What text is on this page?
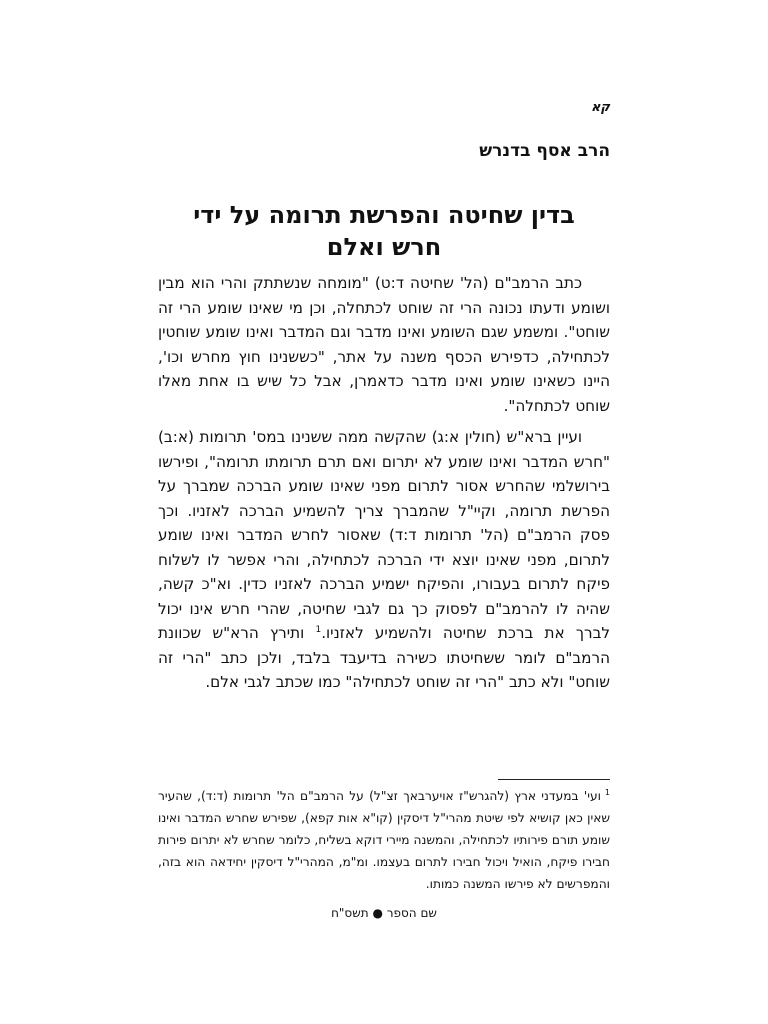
קא
הרב אסף בדנרש
בדין שחיטה והפרשת תרומה על ידי חרש ואלם

כתב הרמב"ם (הל' שחיטה ד:ט) "מומחה שנשתתק והרי הוא מבין ושומע ודעתו נכונה הרי זה שוחט לכתחלה, וכן מי שאינו שומע הרי זה שוחט". ומשמע שגם השומע ואינו מדבר וגם המדבר ואינו שומע שוחטין לכתחילה, כדפירש הכסף משנה על אתר, "כששנינו חוץ מחרש וכו', היינו כשאינו שומע ואינו מדבר כדאמרן, אבל כל שיש בו אחת מאלו שוחט לכתחלה".

ועיין ברא"ש (חולין א:ג) שהקשה ממה ששנינו במס' תרומות (א:ב) "חרש המדבר ואינו שומע לא יתרום ואם תרם תרומתו תרומה", ופירשו בירושלמי שהחרש אסור לתרום מפני שאינו שומע הברכה שמברך על הפרשת תרומה, וקיי"ל שהמברך צריך להשמיע הברכה לאזניו. וכך פסק הרמב"ם (הל' תרומות ד:ד) שאסור לחרש המדבר ואינו שומע לתרום, מפני שאינו יוצא ידי הברכה לכתחילה, והרי אפשר לו לשלוח פיקח לתרום בעבורו, והפיקח ישמיע הברכה לאזניו כדין. וא"כ קשה, שהיה לו להרמב"ם לפסוק כך גם לגבי שחיטה, שהרי חרש אינו יכול לברך את ברכת שחיטה ולהשמיע לאזניו.$^1$ ותירץ הרא"ש שכוונת הרמב"ם לומר ששחיטתו כשירה בדיעבד בלבד, ולכן כתב "הרי זה שוחט" ולא כתב "הרי זה שוחט לכתחילה" כמו שכתב לגבי אלם.

$^1$ועי' במעדני ארץ (להגרש"ז אויערבאך זצ"ל) על הרמב"ם הל' תרומות (ד:ד), שהעיר שאין כאן קושיא לפי שיטת מהרי"ל דיסקין (קו"א אות קפא), שפירש שחרש המדבר ואינו שומע תורם פירותיו לכתחילה, והמשנה מיירי דוקא בשליח, כלומר שחרש לא יתרום פירות חבירו פיקח, הואיל ויכול חבירו לתרום בעצמו. ומ"מ, המהרי"ל דיסקין יחידאה הוא בזה, והמפרשים לא פירשו המשנה כמותו.
שם הספר ● תשס"ח
